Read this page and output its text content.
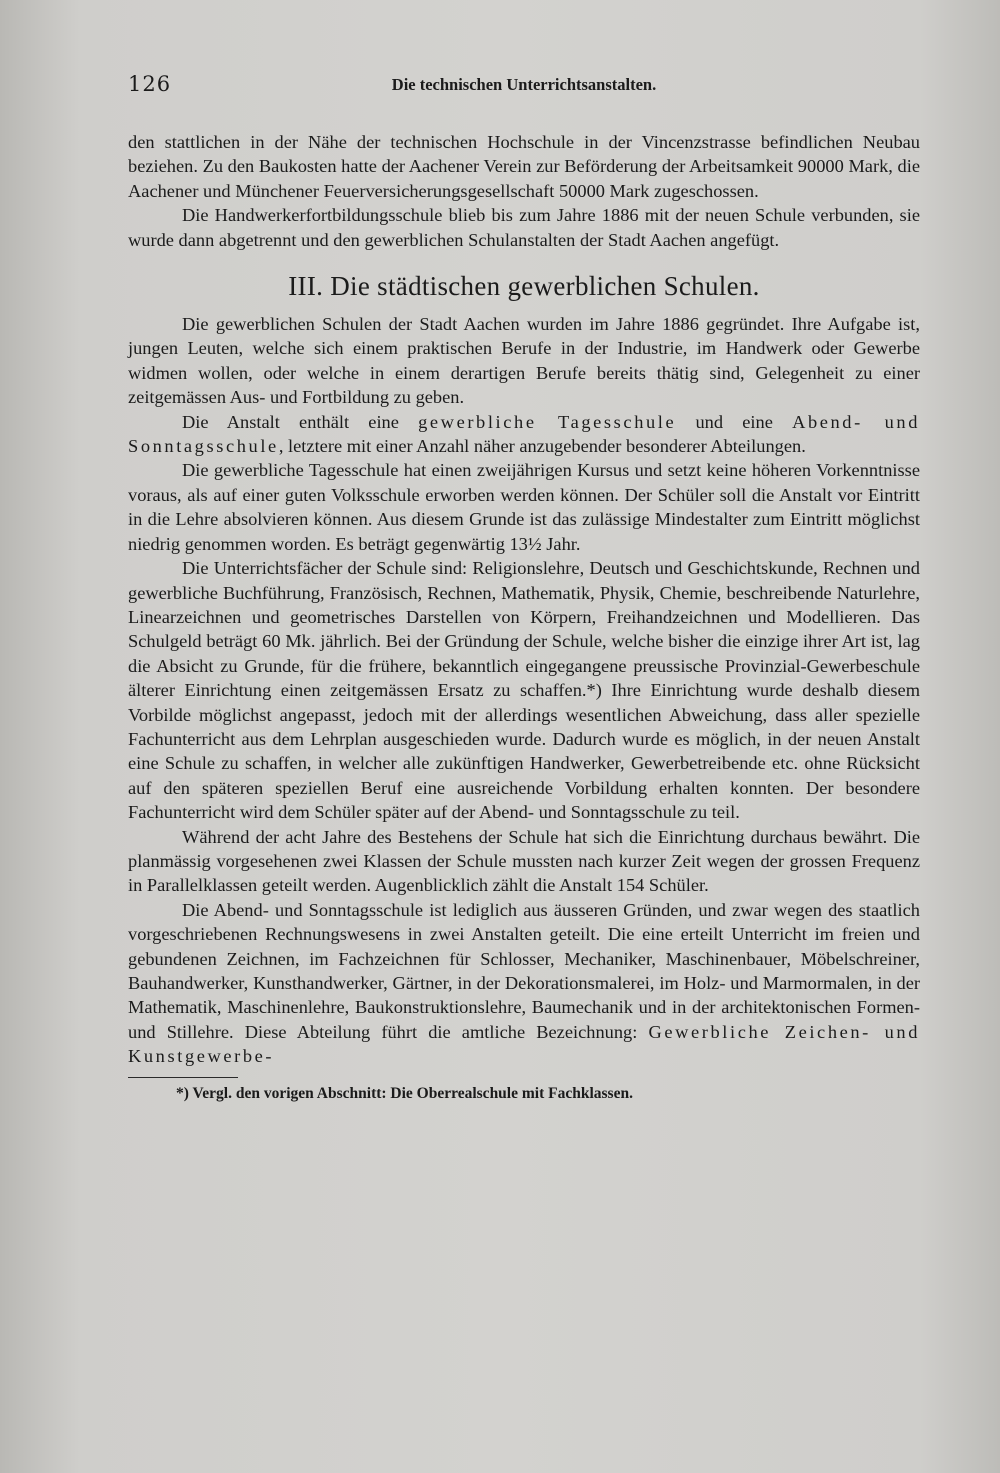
126	Die technischen Unterrichtsanstalten.

den stattlichen in der Nähe der technischen Hochschule in der Vincenzstrasse befindlichen Neubau beziehen. Zu den Baukosten hatte der Aachener Verein zur Beförderung der Arbeitsamkeit 90000 Mark, die Aachener und Münchener Feuerversicherungsgesellschaft 50000 Mark zugeschossen.

Die Handwerkerfortbildungsschule blieb bis zum Jahre 1886 mit der neuen Schule verbunden, sie wurde dann abgetrennt und den gewerblichen Schulanstalten der Stadt Aachen angefügt.

III. Die städtischen gewerblichen Schulen.

Die gewerblichen Schulen der Stadt Aachen wurden im Jahre 1886 gegründet. Ihre Aufgabe ist, jungen Leuten, welche sich einem praktischen Berufe in der Industrie, im Handwerk oder Gewerbe widmen wollen, oder welche in einem derartigen Berufe bereits thätig sind, Gelegenheit zu einer zeitgemässen Aus- und Fortbildung zu geben.

Die Anstalt enthält eine gewerbliche Tagesschule und eine Abend- und Sonntagsschule, letztere mit einer Anzahl näher anzugebender besonderer Abteilungen.

Die gewerbliche Tagesschule hat einen zweijährigen Kursus und setzt keine höheren Vorkenntnisse voraus, als auf einer guten Volksschule erworben werden können. Der Schüler soll die Anstalt vor Eintritt in die Lehre absolvieren können. Aus diesem Grunde ist das zulässige Mindestalter zum Eintritt möglichst niedrig genommen worden. Es beträgt gegenwärtig 13½ Jahr.

Die Unterrichtsfächer der Schule sind: Religionslehre, Deutsch und Geschichtskunde, Rechnen und gewerbliche Buchführung, Französisch, Rechnen, Mathematik, Physik, Chemie, beschreibende Naturlehre, Linearzeichnen und geometrisches Darstellen von Körpern, Freihandzeichnen und Modellieren. Das Schulgeld beträgt 60 Mk. jährlich. Bei der Gründung der Schule, welche bisher die einzige ihrer Art ist, lag die Absicht zu Grunde, für die frühere, bekanntlich eingegangene preussische Provinzial-Gewerbeschule älterer Einrichtung einen zeitgemässen Ersatz zu schaffen.*) Ihre Einrichtung wurde deshalb diesem Vorbilde möglichst angepasst, jedoch mit der allerdings wesentlichen Abweichung, dass aller spezielle Fachunterricht aus dem Lehrplan ausgeschieden wurde. Dadurch wurde es möglich, in der neuen Anstalt eine Schule zu schaffen, in welcher alle zukünftigen Handwerker, Gewerbetreibende etc. ohne Rücksicht auf den späteren speziellen Beruf eine ausreichende Vorbildung erhalten konnten. Der besondere Fachunterricht wird dem Schüler später auf der Abend- und Sonntagsschule zu teil.

Während der acht Jahre des Bestehens der Schule hat sich die Einrichtung durchaus bewährt. Die planmässig vorgesehenen zwei Klassen der Schule mussten nach kurzer Zeit wegen der grossen Frequenz in Parallelklassen geteilt werden. Augenblicklich zählt die Anstalt 154 Schüler.

Die Abend- und Sonntagsschule ist lediglich aus äusseren Gründen, und zwar wegen des staatlich vorgeschriebenen Rechnungswesens in zwei Anstalten geteilt. Die eine erteilt Unterricht im freien und gebundenen Zeichnen, im Fachzeichnen für Schlosser, Mechaniker, Maschinenbauer, Möbelschreiner, Bauhandwerker, Kunsthandwerker, Gärtner, in der Dekorationsmalerei, im Holz- und Marmormalen, in der Mathematik, Maschinenlehre, Baukonstruktionslehre, Baumechanik und in der architektonischen Formen- und Stillehre. Diese Abteilung führt die amtliche Bezeichnung: Gewerbliche Zeichen- und Kunstgewerbe-

*) Vergl. den vorigen Abschnitt: Die Oberrealschule mit Fachklassen.
